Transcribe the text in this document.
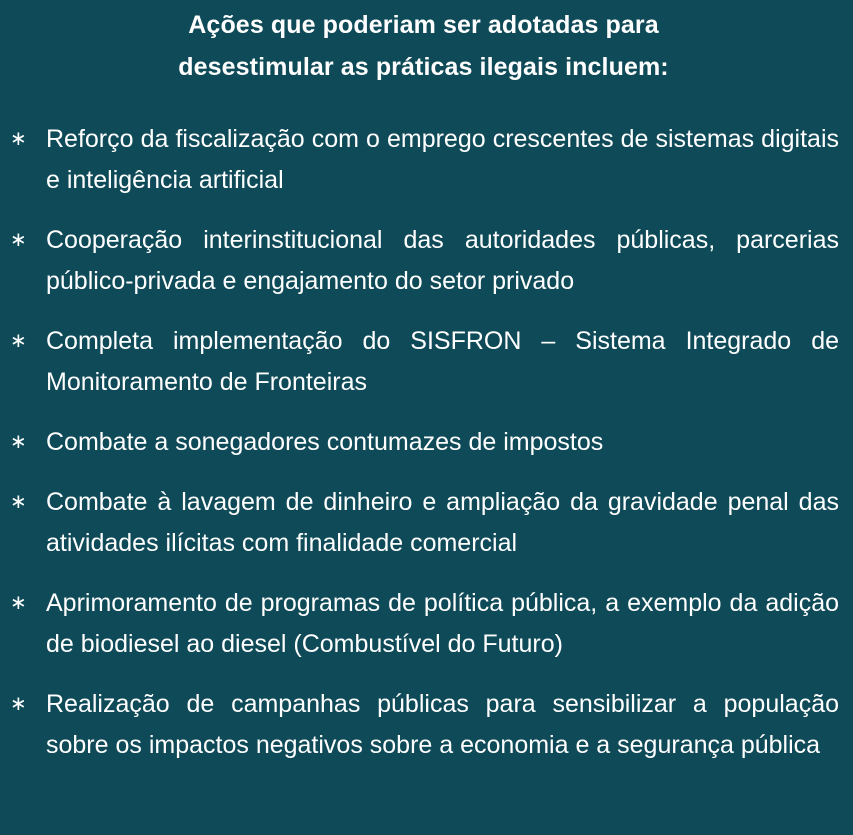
Ações que poderiam ser adotadas para
desestimular as práticas ilegais incluem:
∗ Reforço da fiscalização com o emprego crescentes de sistemas digitais e inteligência artificial
∗ Cooperação interinstitucional das autoridades públicas, parcerias público-privada e engajamento do setor privado
∗ Completa implementação do SISFRON – Sistema Integrado de Monitoramento de Fronteiras
∗ Combate a sonegadores contumazes de impostos
∗ Combate à lavagem de dinheiro e ampliação da gravidade penal das atividades ilícitas com finalidade comercial
∗ Aprimoramento de programas de política pública, a exemplo da adição de biodiesel ao diesel (Combustível do Futuro)
∗ Realização de campanhas públicas para sensibilizar a população sobre os impactos negativos sobre a economia e a segurança pública
